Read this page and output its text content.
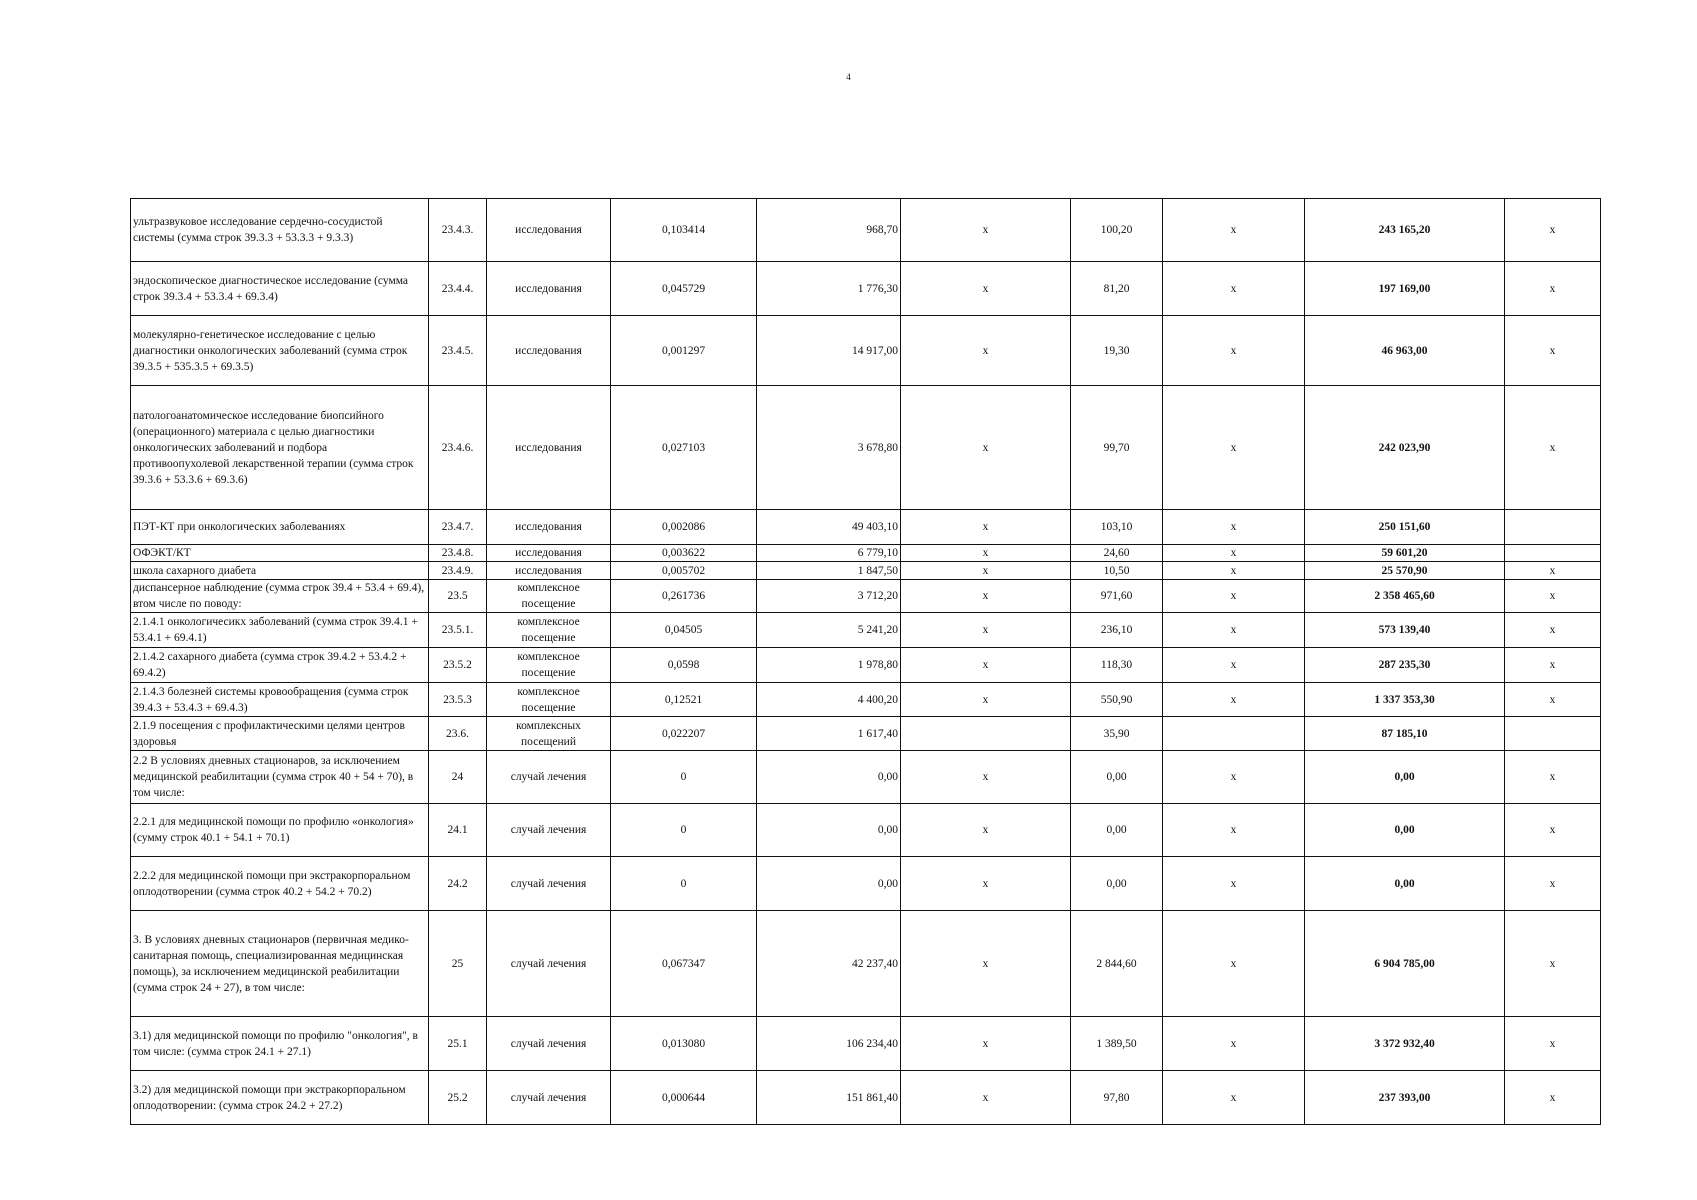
4
ультразвуковое исследование сердечно-сосудистой системы (сумма строк 39.3.3 + 53.3.3 + 9.3.3)	23.4.3.	исследования	0,103414	968,70	х	100,20	х	243 165,20	х
эндоскопическое диагностическое исследование (сумма строк 39.3.4 + 53.3.4 + 69.3.4)	23.4.4.	исследования	0,045729	1 776,30	х	81,20	х	197 169,00	х
молекулярно-генетическое исследование с целью диагностики онкологических заболеваний (сумма строк 39.3.5 + 535.3.5 + 69.3.5)	23.4.5.	исследования	0,001297	14 917,00	х	19,30	х	46 963,00	х
патологоанатомическое исследование биопсийного (операционного) материала с целью диагностики онкологических заболеваний и подбора противоопухолевой лекарственной терапии (сумма строк 39.3.6 + 53.3.6 + 69.3.6)	23.4.6.	исследования	0,027103	3 678,80	х	99,70	х	242 023,90	х
ПЭТ-КТ при онкологических заболеваниях	23.4.7.	исследования	0,002086	49 403,10	х	103,10	х	250 151,60	
ОФЭКТ/КТ	23.4.8.	исследования	0,003622	6 779,10	х	24,60	х	59 601,20	
школа сахарного диабета	23.4.9.	исследования	0,005702	1 847,50	х	10,50	х	25 570,90	х
диспансерное наблюдение (сумма строк 39.4 + 53.4 + 69.4), втом числе по поводу:	23.5	комплексное посещение	0,261736	3 712,20	х	971,60	х	2 358 465,60	х
2.1.4.1 онкологичесикх заболеваний (сумма строк 39.4.1 + 53.4.1 + 69.4.1)	23.5.1.	комплексное посещение	0,04505	5 241,20	х	236,10	х	573 139,40	х
2.1.4.2 сахарного диабета (сумма строк 39.4.2 + 53.4.2 + 69.4.2)	23.5.2	комплексное посещение	0,0598	1 978,80	х	118,30	х	287 235,30	х
2.1.4.3 болезней системы кровообращения (сумма строк 39.4.3 + 53.4.3 + 69.4.3)	23.5.3	комплексное посещение	0,12521	4 400,20	х	550,90	х	1 337 353,30	х
2.1.9 посещения с профилактическими целями центров здоровья	23.6.	комплексных посещений	0,022207	1 617,40		35,90		87 185,10	
2.2 В условиях дневных стационаров, за исключением медицинской реабилитации (сумма строк 40 + 54 + 70), в том числе:	24	случай лечения	0	0,00	х	0,00	х	0,00	х
2.2.1 для медицинской помощи по профилю «онкология» (сумму строк 40.1 + 54.1 + 70.1)	24.1	случай лечения	0	0,00	х	0,00	х	0,00	х
2.2.2 для медицинской помощи при экстракорпоральном оплодотворении (сумма строк 40.2 + 54.2 + 70.2)	24.2	случай лечения	0	0,00	х	0,00	х	0,00	х
3. В условиях дневных стационаров (первичная медико-санитарная помощь, специализированная медицинская помощь), за исключением медицинской реабилитации (сумма строк 24 + 27), в том числе:	25	случай лечения	0,067347	42 237,40	х	2 844,60	х	6 904 785,00	х
3.1) для медицинской помощи по профилю "онкология", в том числе: (сумма строк 24.1 + 27.1)	25.1	случай лечения	0,013080	106 234,40	х	1 389,50	х	3 372 932,40	х
3.2) для медицинской помощи при экстракорпоральном оплодотворении: (сумма строк 24.2 + 27.2)	25.2	случай лечения	0,000644	151 861,40	х	97,80	х	237 393,00	х
